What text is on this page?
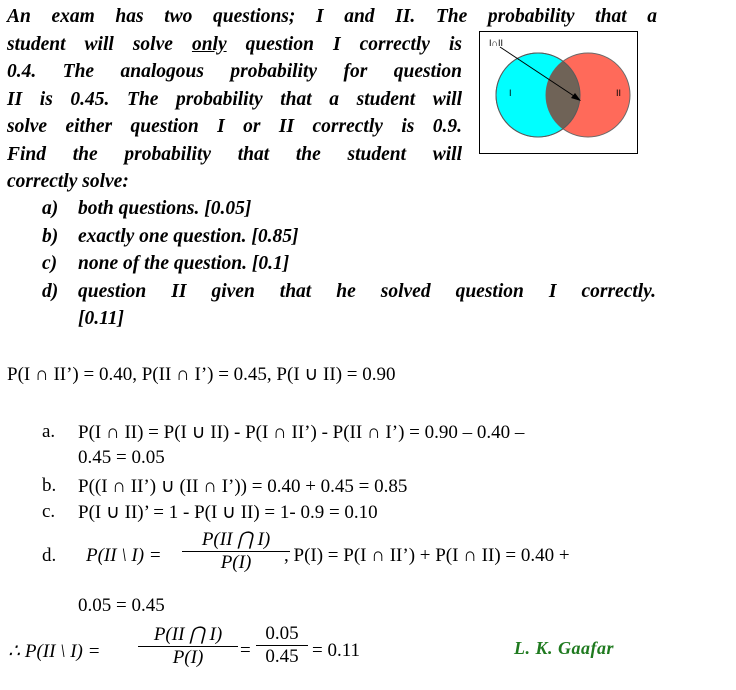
An exam has two questions; I and II. The probability that a
student will solve only question I correctly is
0.4. The analogous probability for question
II is 0.45. The probability that a student will
solve either question I or II correctly is 0.9.
Find the probability that the student will
correctly solve:
a) both questions. [0.05]
b) exactly one question. [0.85]
c) none of the question. [0.1]
d) question II given that he solved question I correctly.
[0.11]
I∩II
I	II
P(I ∩ II’) = 0.40, P(II ∩ I’) = 0.45, P(I ∪ II) = 0.90
a. P(I ∩ II) = P(I ∪ II) - P(I ∩ II’) - P(II ∩ I’) = 0.90 – 0.40 –
0.45 = 0.05
b. P((I ∩ II’) ∪ (II ∩ I’)) = 0.40 + 0.45 = 0.85
c. P(I ∪ II)’ = 1 - P(I ∪ II) = 1- 0.9 = 0.10
d. P(II \ $I) = \frac{P(II ⋂ I)}{P(I)}$
, P(I) = P(I ∩ II’) + P(I ∩ II) = 0.40 +
0.05 = 0.45
∴ P(II \ $I) = \frac{P(II ⋂ I)}{P(I)} = \frac{0.05}{0.45} = 0.11$	L. K. Gaafar
